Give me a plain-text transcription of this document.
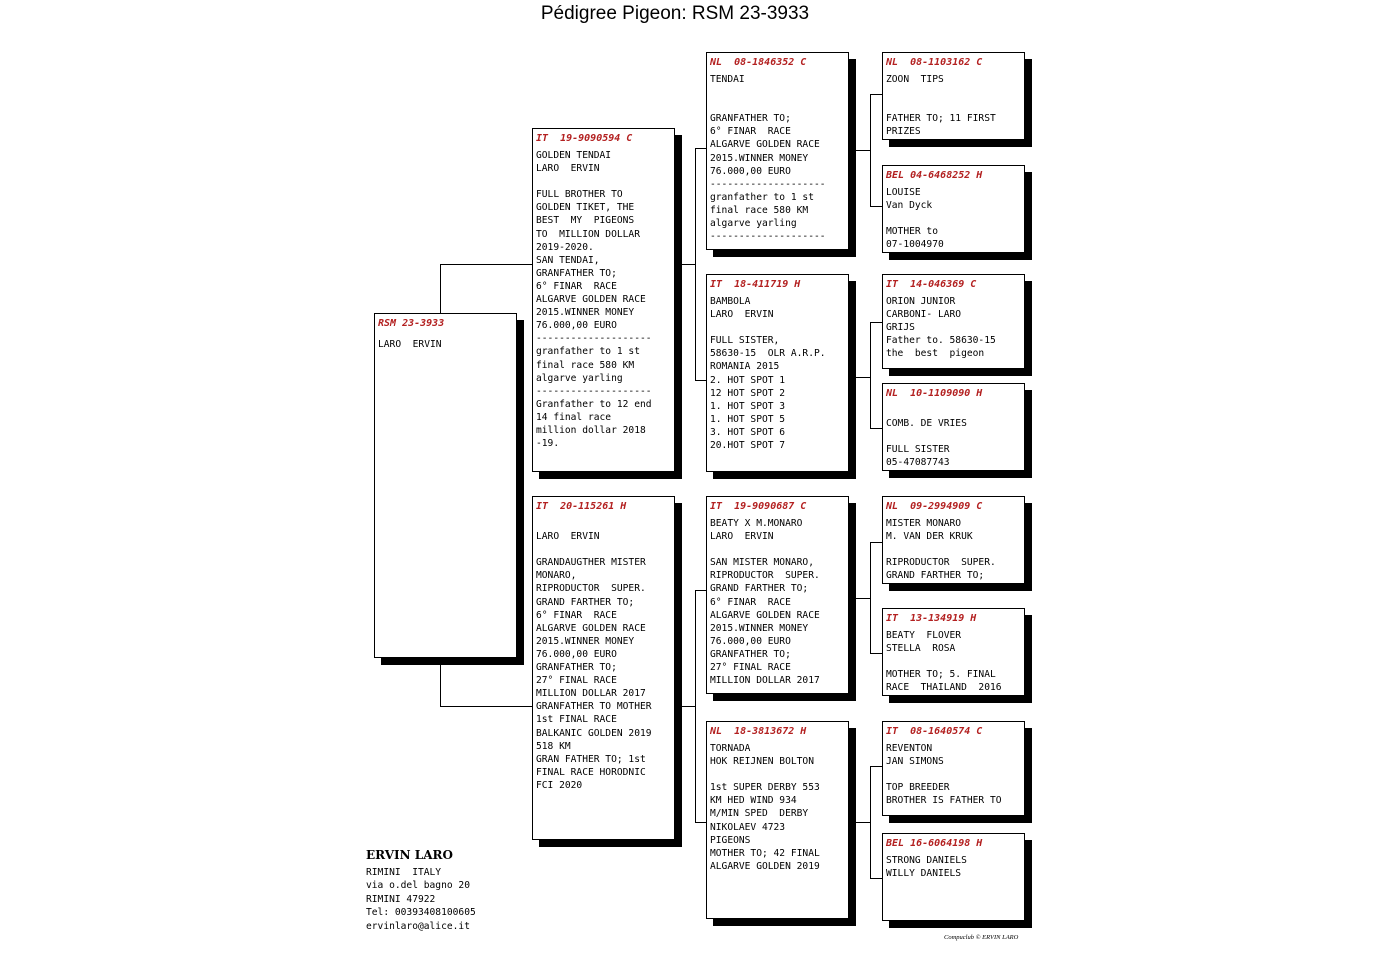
Pédigree Pigeon: RSM 23-3933
RSM 23-3933
LARO  ERVIN
IT  19-9090594 C
GOLDEN TENDAI
LARO  ERVIN

FULL BROTHER TO
GOLDEN TIKET, THE
BEST  MY  PIGEONS
TO  MILLION DOLLAR
2019-2020.
SAN TENDAI,
GRANFATHER TO;
6° FINAR  RACE
ALGARVE GOLDEN RACE
2015.WINNER MONEY
76.000,00 EURO
--------------------
granfather to 1 st
final race 580 KM
algarve yarling
--------------------
Granfather to 12 end
14 final race
million dollar 2018
-19.
IT  20-115261 H

LARO  ERVIN

GRANDAUGTHER MISTER
MONARO,
RIPRODUCTOR  SUPER.
GRAND FARTHER TO;
6° FINAR  RACE
ALGARVE GOLDEN RACE
2015.WINNER MONEY
76.000,00 EURO
GRANFATHER TO;
27° FINAL RACE
MILLION DOLLAR 2017
GRANFATHER TO MOTHER
1st FINAL RACE
BALKANIC GOLDEN 2019
518 KM
GRAN FATHER TO; 1st
FINAL RACE HORODNIC
FCI 2020
NL  08-1846352 C
TENDAI

GRANFATHER TO;
6° FINAR  RACE
ALGARVE GOLDEN RACE
2015.WINNER MONEY
76.000,00 EURO
--------------------
granfather to 1 st
final race 580 KM
algarve yarling
--------------------
IT  18-411719 H
BAMBOLA
LARO  ERVIN

FULL SISTER,
58630-15  OLR A.R.P.
ROMANIA 2015
2. HOT SPOT 1
12 HOT SPOT 2
1. HOT SPOT 3
1. HOT SPOT 5
3. HOT SPOT 6
20.HOT SPOT 7
IT  19-9090687 C
BEATY X M.MONARO
LARO  ERVIN

SAN MISTER MONARO,
RIPRODUCTOR  SUPER.
GRAND FARTHER TO;
6° FINAR  RACE
ALGARVE GOLDEN RACE
2015.WINNER MONEY
76.000,00 EURO
GRANFATHER TO;
27° FINAL RACE
MILLION DOLLAR 2017
NL  18-3813672 H
TORNADA
HOK REIJNEN BOLTON

1st SUPER DERBY 553
KM HED WIND 934
M/MIN SPED  DERBY
NIKOLAEV 4723
PIGEONS
MOTHER TO; 42 FINAL
ALGARVE GOLDEN 2019
NL  08-1103162 C
ZOON  TIPS

FATHER TO; 11 FIRST
PRIZES
BEL 04-6468252 H
LOUISE
Van Dyck

MOTHER to
07-1004970
IT  14-046369 C
ORION JUNIOR
CARBONI- LARO
GRIJS
Father to. 58630-15
the  best  pigeon
NL  10-1109090 H

COMB. DE VRIES

FULL SISTER
05-47087743
NL  09-2994909 C
MISTER MONARO
M. VAN DER KRUK

RIPRODUCTOR  SUPER.
GRAND FARTHER TO;
IT  13-134919 H
BEATY  FLOVER
STELLA  ROSA

MOTHER TO; 5. FINAL
RACE  THAILAND  2016
IT  08-1640574 C
REVENTON
JAN SIMONS

TOP BREEDER
BROTHER IS FATHER TO
BEL 16-6064198 H
STRONG DANIELS
WILLY DANIELS
ERVIN LARO
RIMINI  ITALY
via o.del bagno 20
RIMINI 47922
Tel: 00393408100605
ervinlaro@alice.it
Compuclub © ERVIN LARO
